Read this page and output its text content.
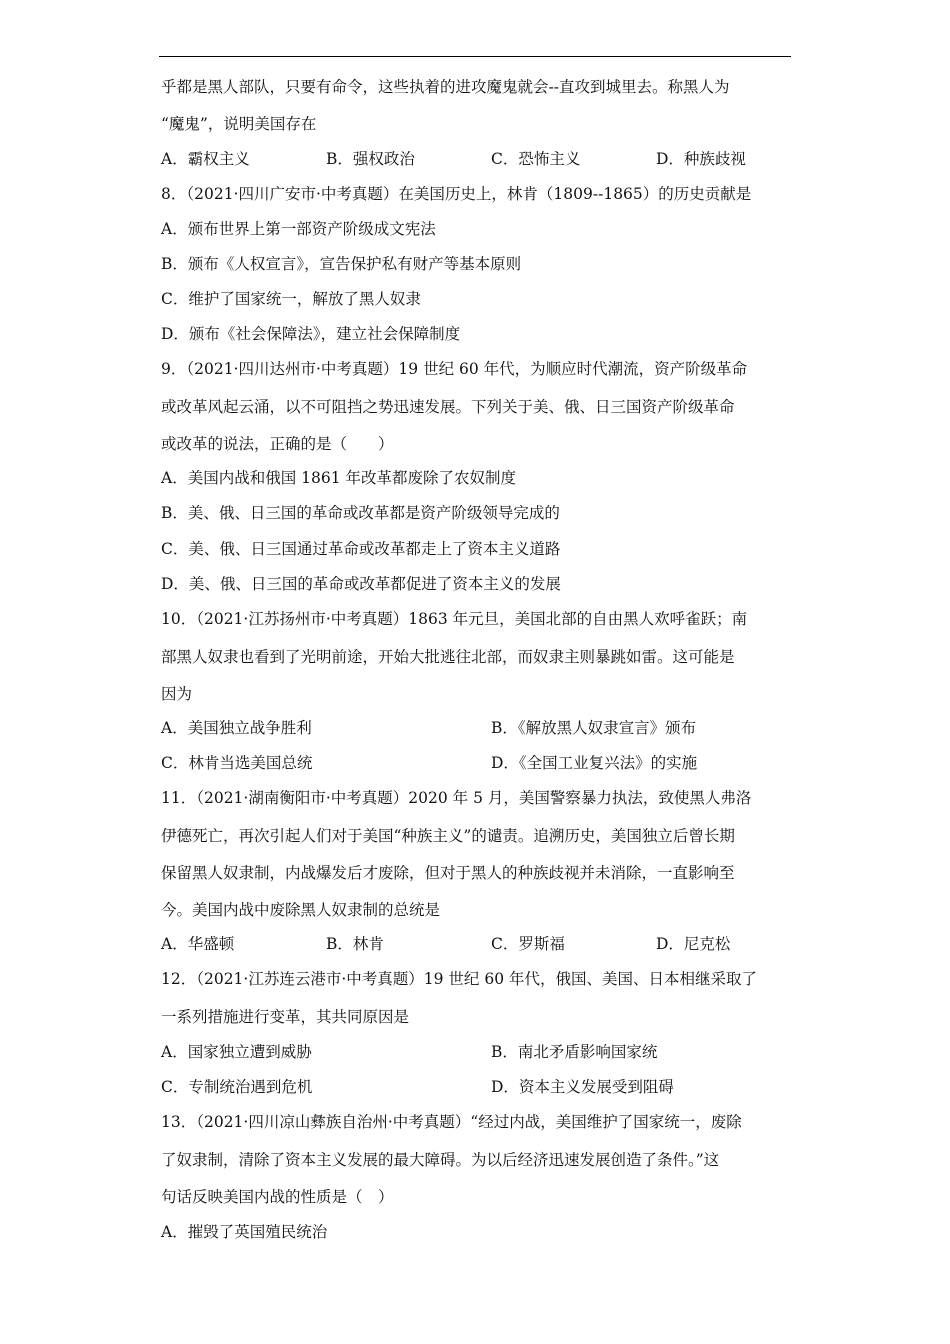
乎都是黑人部队，只要有命令，这些执着的进攻魔鬼就会--直攻到城里去。称黑人为
“魔鬼”，说明美国存在
A．霸权主义	B．强权政治	C．恐怖主义	D．种族歧视
8．（2021·四川广安市·中考真题）在美国历史上，林肯（1809--1865）的历史贡献是
A．颁布世界上第一部资产阶级成文宪法
B．颁布《人权宣言》，宣告保护私有财产等基本原则
C．维护了国家统一，解放了黑人奴隶
D．颁布《社会保障法》，建立社会保障制度
9．（2021·四川达州市·中考真题）19 世纪 60 年代，为顺应时代潮流，资产阶级革命
或改革风起云涌，以不可阻挡之势迅速发展。下列关于美、俄、日三国资产阶级革命
或改革的说法，正确的是（　　）
A．美国内战和俄国 1861 年改革都废除了农奴制度
B．美、俄、日三国的革命或改革都是资产阶级领导完成的
C．美、俄、日三国通过革命或改革都走上了资本主义道路
D．美、俄、日三国的革命或改革都促进了资本主义的发展
10．（2021·江苏扬州市·中考真题）1863 年元旦，美国北部的自由黑人欢呼雀跃；南
部黑人奴隶也看到了光明前途，开始大批逃往北部，而奴隶主则暴跳如雷。这可能是
因为
A．美国独立战争胜利	B．《解放黑人奴隶宣言》颁布
C．林肯当选美国总统	D．《全国工业复兴法》的实施
11．（2021·湖南衡阳市·中考真题）2020 年 5 月，美国警察暴力执法，致使黑人弗洛
伊德死亡，再次引起人们对于美国“种族主义”的谴责。追溯历史，美国独立后曾长期
保留黑人奴隶制，内战爆发后才废除，但对于黑人的种族歧视并未消除，一直影响至
今。美国内战中废除黑人奴隶制的总统是
A．华盛顿	B．林肯	C．罗斯福	D．尼克松
12．（2021·江苏连云港市·中考真题）19 世纪 60 年代，俄国、美国、日本相继采取了
一系列措施进行变革，其共同原因是
A．国家独立遭到威胁	B．南北矛盾影响国家统
C．专制统治遇到危机	D．资本主义发展受到阻碍
13．（2021·四川凉山彝族自治州·中考真题）“经过内战，美国维护了国家统一，废除
了奴隶制，清除了资本主义发展的最大障碍。为以后经济迅速发展创造了条件。”这
句话反映美国内战的性质是（　）
A．摧毁了英国殖民统治
